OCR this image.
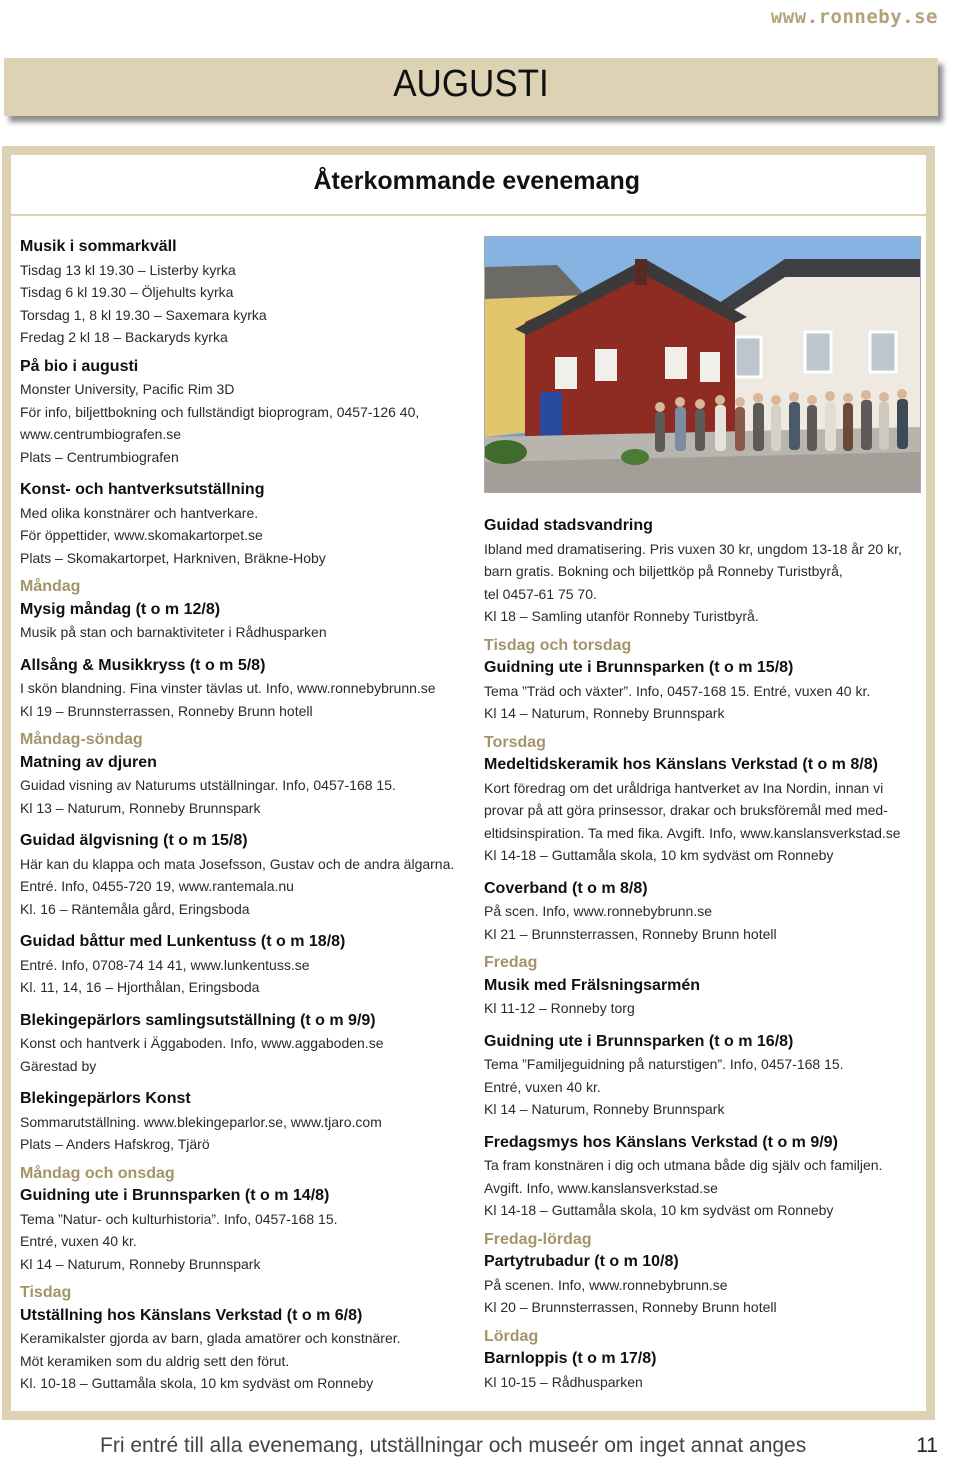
www.ronneby.se
AUGUSTI
Återkommande evenemang
Musik i sommarkväll
Tisdag 13 kl 19.30 – Listerby kyrka
Tisdag 6 kl 19.30 – Öljehults kyrka
Torsdag 1, 8 kl 19.30 – Saxemara kyrka
Fredag 2 kl 18 – Backaryds kyrka
På bio i augusti
Monster University, Pacific Rim 3D
För info, biljettbokning och fullständigt bioprogram, 0457-126 40,
www.centrumbiografen.se
Plats – Centrumbiografen
Konst- och hantverksutställning
Med olika konstnärer och hantverkare.
För öppettider, www.skomakartorpet.se
Plats – Skomakartorpet, Harkniven, Bräkne-Hoby
Måndag
Mysig måndag (t o m 12/8)
Musik på stan och barnaktiviteter i Rådhusparken
Allsång & Musikkryss (t o m 5/8)
I skön blandning. Fina vinster tävlas ut. Info, www.ronnebybrunn.se
Kl 19 – Brunnsterrassen, Ronneby Brunn hotell
Måndag-söndag
Matning av djuren
Guidad visning av Naturums utställningar. Info, 0457-168 15.
Kl 13 – Naturum, Ronneby Brunnspark
Guidad älgvisning (t o m 15/8)
Här kan du klappa och mata Josefsson, Gustav och de andra älgarna.
Entré. Info, 0455-720 19, www.rantemala.nu
Kl. 16 – Räntemåla gård, Eringsboda
Guidad båttur med Lunkentuss (t o m 18/8)
Entré. Info, 0708-74 14 41, www.lunkentuss.se
Kl. 11, 14, 16 – Hjorthålan, Eringsboda
Blekingepärlors samlingsutställning (t o m 9/9)
Konst och hantverk i Äggaboden. Info, www.aggaboden.se
Gärestad by
Blekingepärlors Konst
Sommarutställning. www.blekingeparlor.se, www.tjaro.com
Plats – Anders Hafskrog, Tjärö
Måndag och onsdag
Guidning ute i Brunnsparken (t o m 14/8)
Tema ”Natur- och kulturhistoria”. Info, 0457-168 15.
Entré, vuxen 40 kr.
Kl 14 – Naturum, Ronneby Brunnspark
Tisdag
Utställning hos Känslans Verkstad (t o m 6/8)
Keramikalster gjorda av barn, glada amatörer och konstnärer.
Möt keramiken som du aldrig sett den förut.
Kl. 10-18 – Guttamåla skola, 10 km sydväst om Ronneby
Guidad stadsvandring
Ibland med dramatisering. Pris vuxen 30 kr, ungdom 13-18 år 20 kr,
barn gratis. Bokning och biljettköp på Ronneby Turistbyrå,
tel 0457-61 75 70.
Kl 18 – Samling utanför Ronneby Turistbyrå.
Tisdag och torsdag
Guidning ute i Brunnsparken (t o m 15/8)
Tema ”Träd och växter”. Info, 0457-168 15. Entré, vuxen 40 kr.
Kl 14 – Naturum, Ronneby Brunnspark
Torsdag
Medeltidskeramik hos Känslans Verkstad (t o m 8/8)
Kort föredrag om det uråldriga hantverket av Ina Nordin, innan vi
provar på att göra prinsessor, drakar och bruksföremål med med-
eltidsinspiration. Ta med fika. Avgift. Info, www.kanslansverkstad.se
Kl 14-18 – Guttamåla skola, 10 km sydväst om Ronneby
Coverband (t o m 8/8)
På scen. Info, www.ronnebybrunn.se
Kl 21 – Brunnsterrassen, Ronneby Brunn hotell
Fredag
Musik med Frälsningsarmén
Kl 11-12 – Ronneby torg
Guidning ute i Brunnsparken (t o m 16/8)
Tema ”Familjeguidning på naturstigen”. Info, 0457-168 15.
Entré, vuxen 40 kr.
Kl 14 – Naturum, Ronneby Brunnspark
Fredagsmys hos Känslans Verkstad (t o m 9/9)
Ta fram konstnären i dig och utmana både dig själv och familjen.
Avgift. Info, www.kanslansverkstad.se
Kl 14-18 – Guttamåla skola, 10 km sydväst om Ronneby
Fredag-lördag
Partytrubadur (t o m 10/8)
På scenen. Info, www.ronnebybrunn.se
Kl 20 – Brunnsterrassen, Ronneby Brunn hotell
Lördag
Barnloppis (t o m 17/8)
Kl 10-15 – Rådhusparken
Fri entré till alla evenemang, utställningar och museér om inget annat anges	11
